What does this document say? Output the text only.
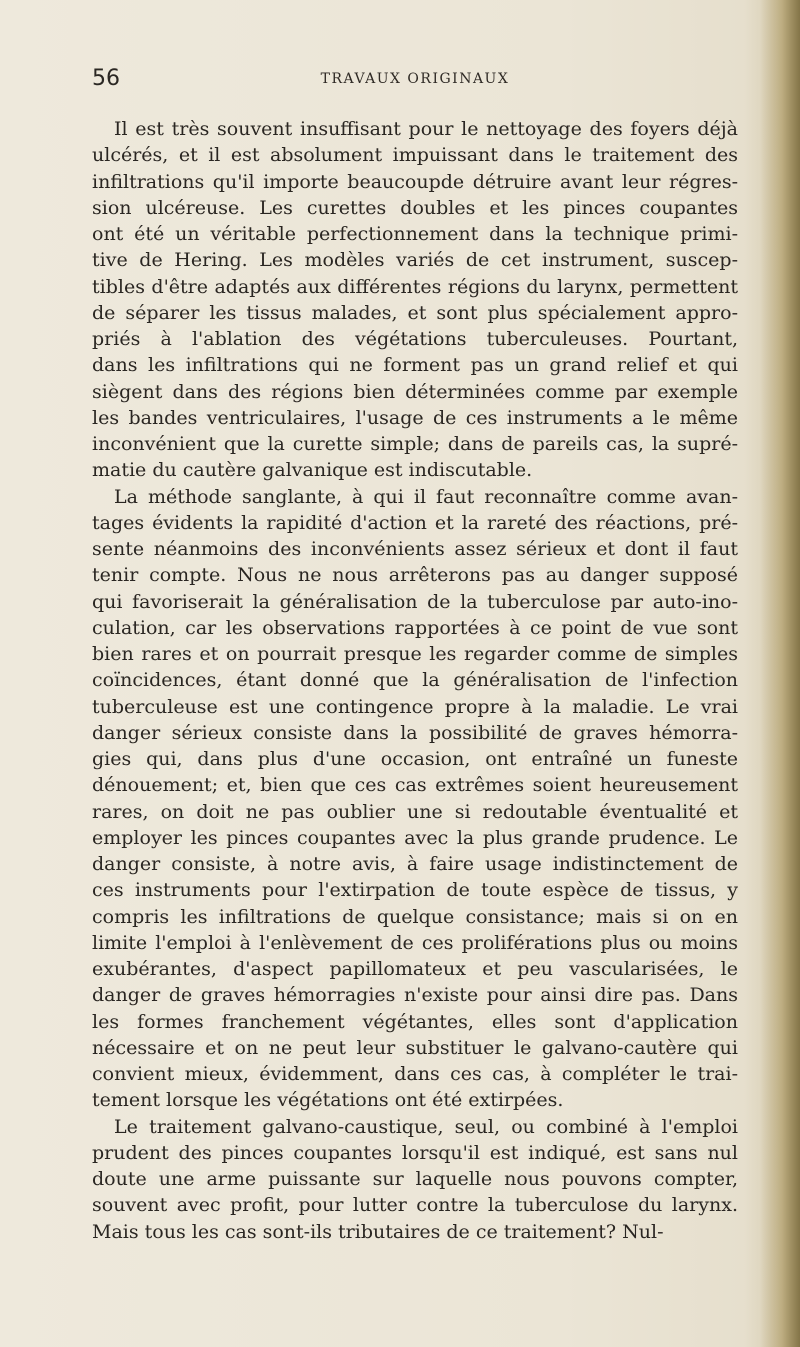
56	TRAVAUX ORIGINAUX
Il est très souvent insuffisant pour le nettoyage des foyers déjà
ulcérés, et il est absolument impuissant dans le traitement des
infiltrations qu'il importe beaucoupde détruire avant leur régres-
sion ulcéreuse. Les curettes doubles et les pinces coupantes
ont été un véritable perfectionnement dans la technique primi-
tive de Hering. Les modèles variés de cet instrument, suscep-
tibles d'être adaptés aux différentes régions du larynx, permettent
de séparer les tissus malades, et sont plus spécialement appro-
priés à l'ablation des végétations tuberculeuses. Pourtant,
dans les infiltrations qui ne forment pas un grand relief et qui
siègent dans des régions bien déterminées comme par exemple
les bandes ventriculaires, l'usage de ces instruments a le même
inconvénient que la curette simple; dans de pareils cas, la supré-
matie du cautère galvanique est indiscutable.
La méthode sanglante, à qui il faut reconnaître comme avan-
tages évidents la rapidité d'action et la rareté des réactions, pré-
sente néanmoins des inconvénients assez sérieux et dont il faut
tenir compte. Nous ne nous arrêterons pas au danger supposé
qui favoriserait la généralisation de la tuberculose par auto-ino-
culation, car les observations rapportées à ce point de vue sont
bien rares et on pourrait presque les regarder comme de simples
coïncidences, étant donné que la généralisation de l'infection
tuberculeuse est une contingence propre à la maladie. Le vrai
danger sérieux consiste dans la possibilité de graves hémorra-
gies qui, dans plus d'une occasion, ont entraîné un funeste
dénouement; et, bien que ces cas extrêmes soient heureusement
rares, on doit ne pas oublier une si redoutable éventualité et
employer les pinces coupantes avec la plus grande prudence. Le
danger consiste, à notre avis, à faire usage indistinctement de
ces instruments pour l'extirpation de toute espèce de tissus, y
compris les infiltrations de quelque consistance; mais si on en
limite l'emploi à l'enlèvement de ces proliférations plus ou moins
exubérantes, d'aspect papillomateux et peu vascularisées, le
danger de graves hémorragies n'existe pour ainsi dire pas. Dans
les formes franchement végétantes, elles sont d'application
nécessaire et on ne peut leur substituer le galvano-cautère qui
convient mieux, évidemment, dans ces cas, à compléter le trai-
tement lorsque les végétations ont été extirpées.
Le traitement galvano-caustique, seul, ou combiné à l'emploi
prudent des pinces coupantes lorsqu'il est indiqué, est sans nul
doute une arme puissante sur laquelle nous pouvons compter,
souvent avec profit, pour lutter contre la tuberculose du larynx.
Mais tous les cas sont-ils tributaires de ce traitement? Nul-
